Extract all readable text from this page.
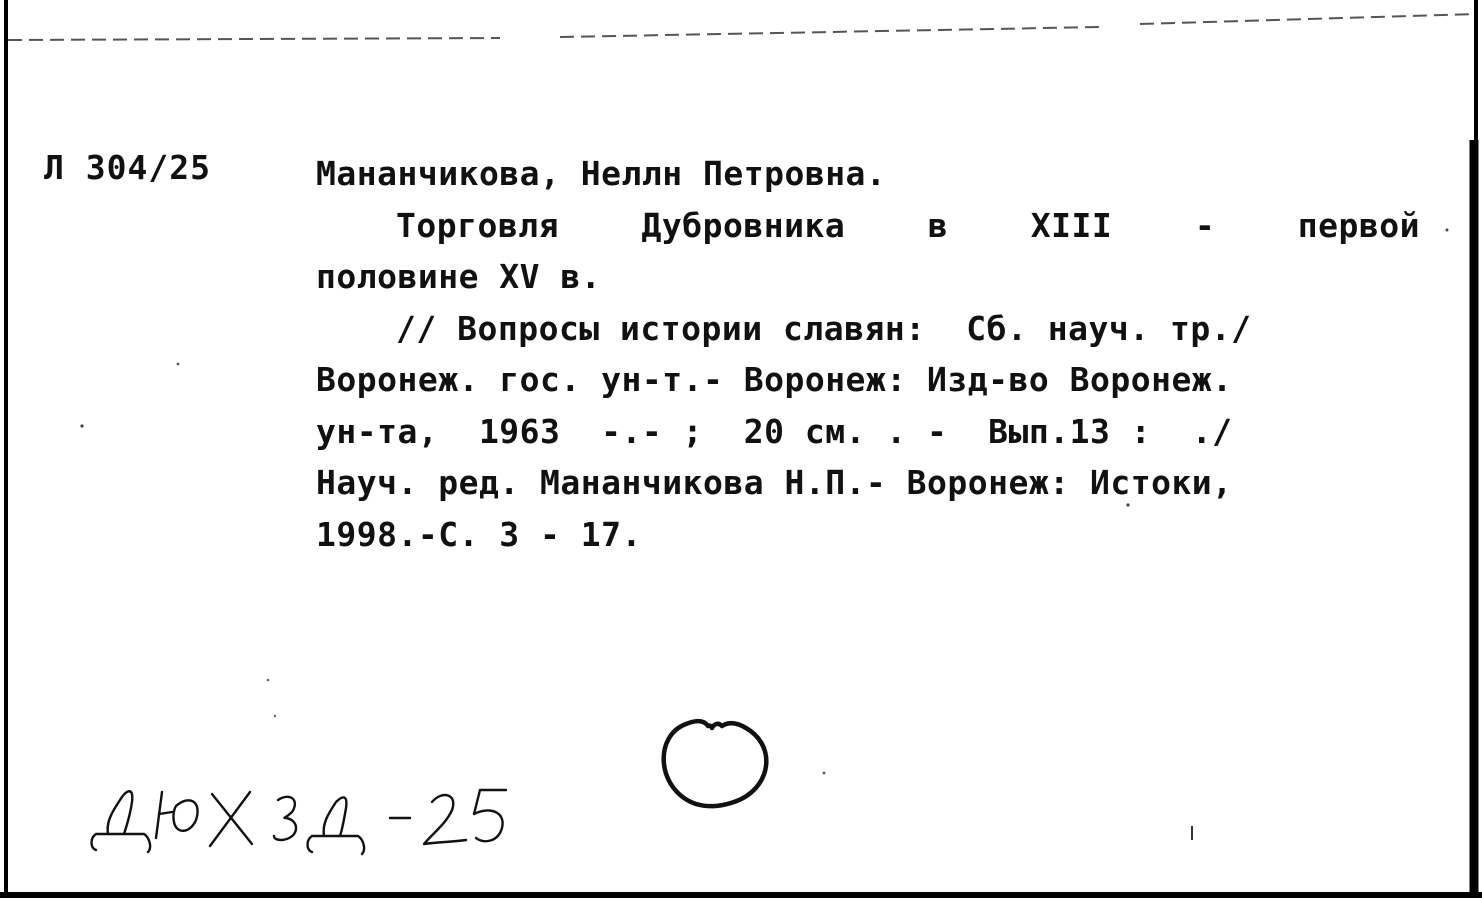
Л 304/25	Мананчикова, Неллн Петровна.
Торговля	Дубровника	в	XIII	-	первой
половине XV в.
// Вопросы истории славян:  Сб. науч. тр./
Воронеж. гос. ун-т.- Воронеж: Изд-во Воронеж.
ун-та,  1963  -.- ;  20 см. . -  Вып.13 :  ./
Науч. ред. Мананчикова Н.П.- Воронеж: Истоки,
1998.-С. 3 - 17.
